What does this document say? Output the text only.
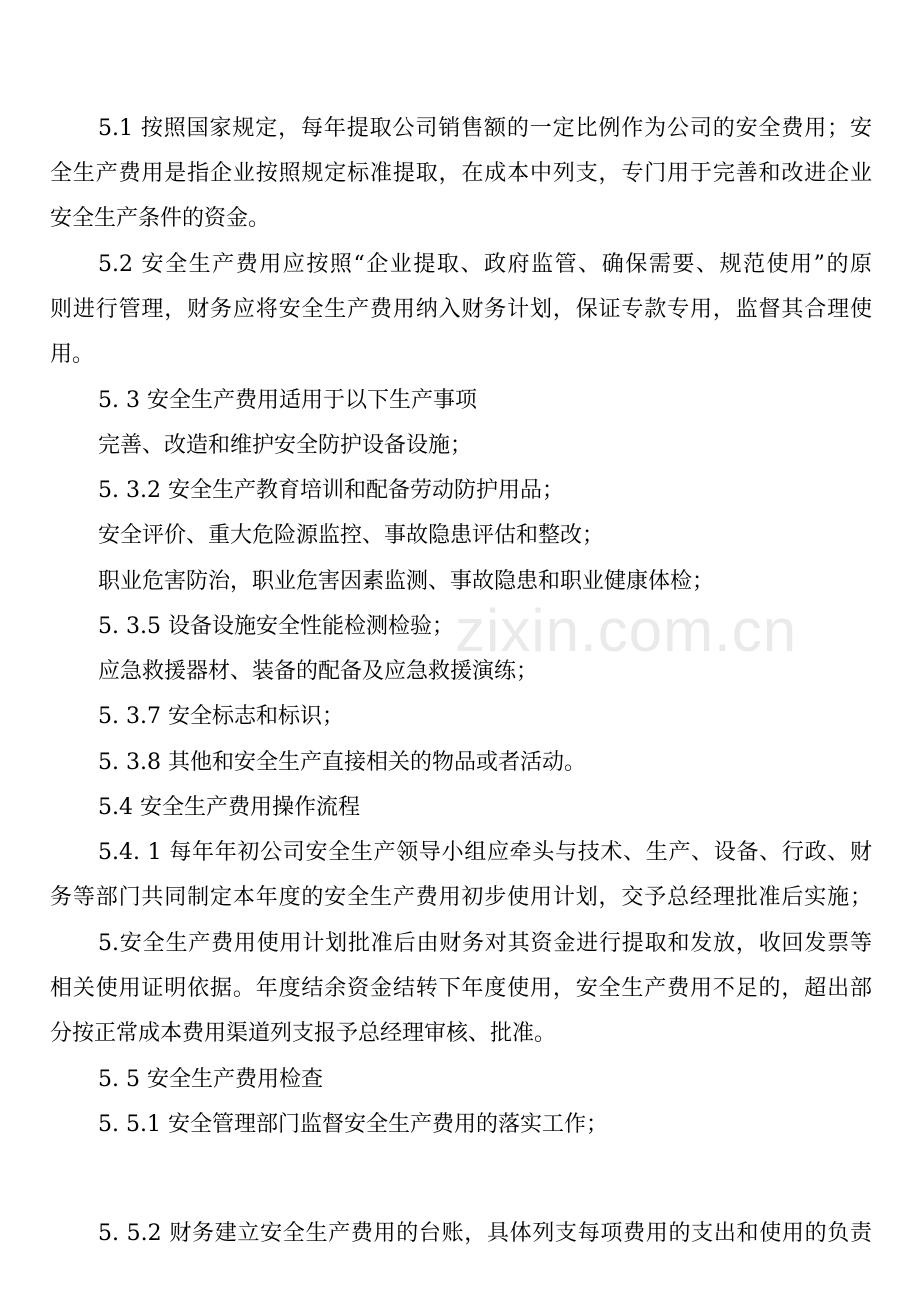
5.1 按照国家规定，每年提取公司销售额的一定比例作为公司的安全费用；安
全生产费用是指企业按照规定标准提取，在成本中列支，专门用于完善和改进企业
安全生产条件的资金。
5.2 安全生产费用应按照“企业提取、政府监管、确保需要、规范使用”的原
则进行管理，财务应将安全生产费用纳入财务计划，保证专款专用，监督其合理使
用。
5. 3 安全生产费用适用于以下生产事项
完善、改造和维护安全防护设备设施；
5. 3.2 安全生产教育培训和配备劳动防护用品；
安全评价、重大危险源监控、事故隐患评估和整改；
职业危害防治，职业危害因素监测、事故隐患和职业健康体检；
5. 3.5 设备设施安全性能检测检验；
应急救援器材、装备的配备及应急救援演练；
5. 3.7 安全标志和标识；
5. 3.8 其他和安全生产直接相关的物品或者活动。
5.4 安全生产费用操作流程
5.4. 1 每年年初公司安全生产领导小组应牵头与技术、生产、设备、行政、财
务等部门共同制定本年度的安全生产费用初步使用计划，交予总经理批准后实施；
5.安全生产费用使用计划批准后由财务对其资金进行提取和发放，收回发票等
相关使用证明依据。年度结余资金结转下年度使用，安全生产费用不足的，超出部
分按正常成本费用渠道列支报予总经理审核、批准。
5. 5 安全生产费用检查
5. 5.1 安全管理部门监督安全生产费用的落实工作；
5. 5.2 财务建立安全生产费用的台账，具体列支每项费用的支出和使用的负责
zixin.com.cn
